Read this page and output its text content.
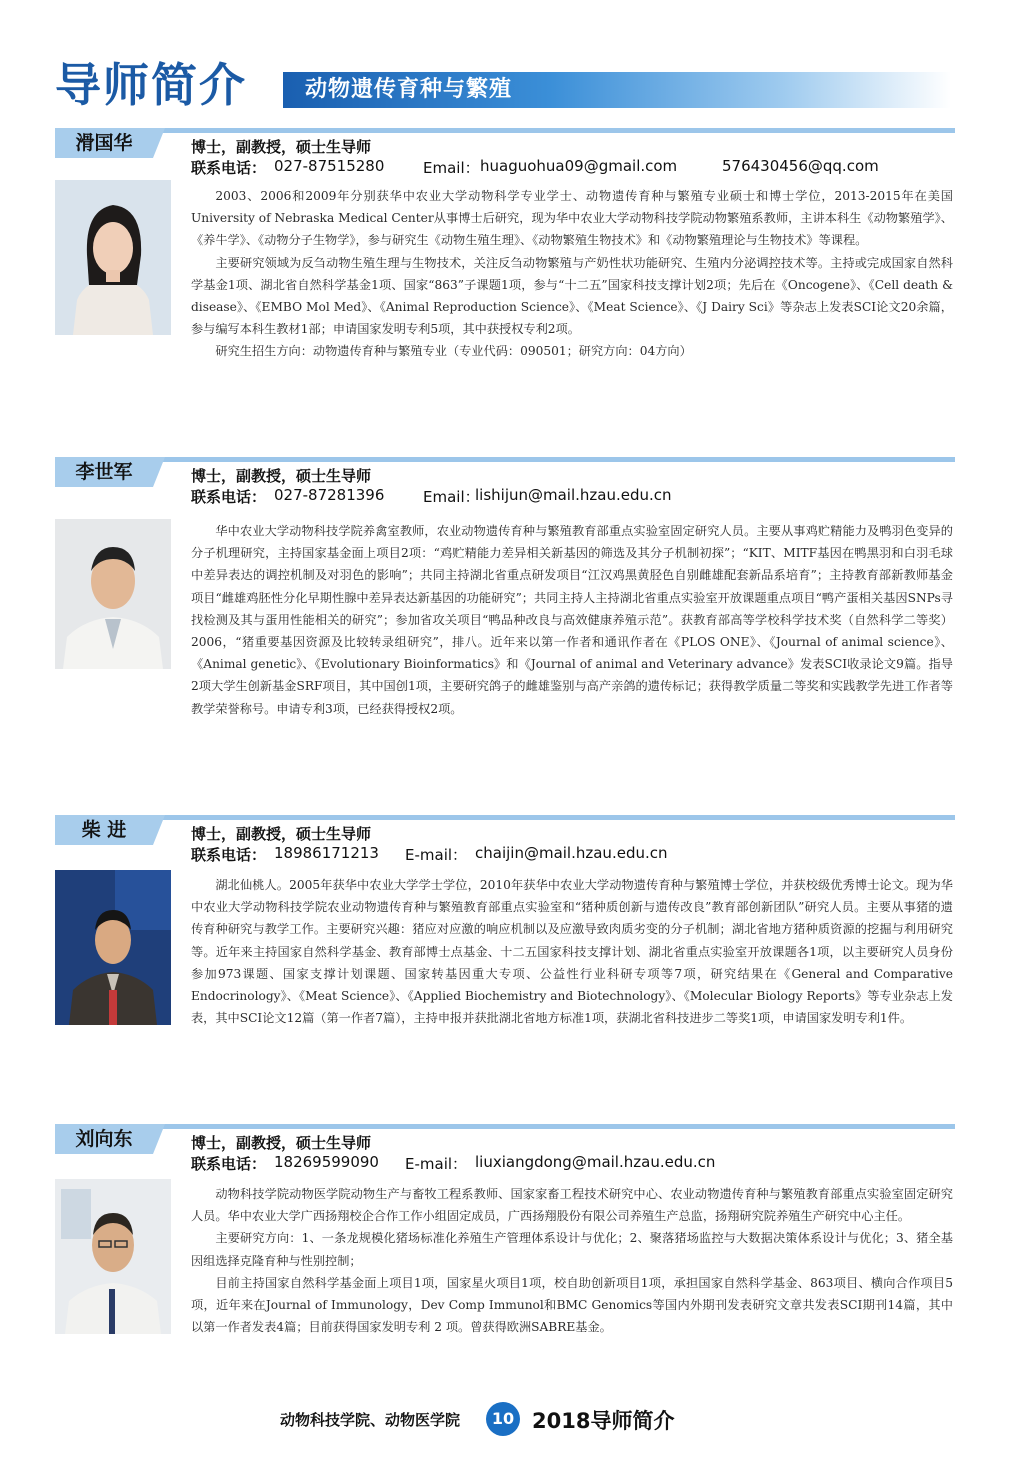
导师简介	动物遗传育种与繁殖
滑国华	博士，副教授，硕士生导师
联系电话： 027-87515280	Email： huaguohua09@gmail.com	576430456@qq.com

2003、2006和2009年分别获华中农业大学动物科学专业学士、动物遗传育种与繁殖专业硕士和博士学位，2013-2015年在美国University of Nebraska Medical Center从事博士后研究，现为华中农业大学动物科技学院动物繁殖系教师，主讲本科生《动物繁殖学》、《养牛学》、《动物分子生物学》，参与研究生《动物生殖生理》、《动物繁殖生物技术》和《动物繁殖理论与生物技术》等课程。

主要研究领域为反刍动物生殖生理与生物技术，关注反刍动物繁殖与产奶性状功能研究、生殖内分泌调控技术等。主持或完成国家自然科学基金1项、湖北省自然科学基金1项、国家“863”子课题1项，参与“十二五”国家科技支撑计划2项；先后在《Oncogene》、《Cell death & disease》、《EMBO Mol Med》、《Animal Reproduction Science》、《Meat Science》、《J Dairy Sci》等杂志上发表SCI论文20余篇，参与编写本科生教材1部；申请国家发明专利5项，其中获授权专利2项。

研究生招生方向：动物遗传育种与繁殖专业（专业代码：090501；研究方向：04方向）

李世军	博士，副教授，硕士生导师
联系电话： 027-87281396	Email：
lishijun@mail.hzau.edu.cn

华中农业大学动物科技学院养禽室教师，农业动物遗传育种与繁殖教育部重点实验室固定研究人员。主要从事鸡贮精能力及鸭羽色变异的分子机理研究，主持国家基金面上项目2项：“鸡贮精能力差异相关新基因的筛选及其分子机制初探”；“KIT、MITF基因在鸭黑羽和白羽毛球中差异表达的调控机制及对羽色的影响”；共同主持湖北省重点研发项目“江汉鸡黑黄胫色自别雌雄配套新品系培育”；主持教育部新教师基金项目“雌雄鸡胚性分化早期性腺中差异表达新基因的功能研究”；共同主持人主持湖北省重点实验室开放课题重点项目“鸭产蛋相关基因SNPs寻找检测及其与蛋用性能相关的研究”；参加省攻关项目“鸭品种改良与高效健康养殖示范”。获教育部高等学校科学技术奖（自然科学二等奖）2006，“猪重要基因资源及比较转录组研究”，排八。近年来以第一作者和通讯作者在《PLOS ONE》、《Journal of animal science》、《Animal genetic》、《Evolutionary Bioinformatics》和《Journal of animal and Veterinary advance》发表SCI收录论文9篇。指导2项大学生创新基金SRF项目，其中国创1项，主要研究鸽子的雌雄鉴别与高产亲鸽的遗传标记；获得教学质量二等奖和实践教学先进工作者等教学荣誉称号。申请专利3项，已经获得授权2项。

柴 进	博士，副教授，硕士生导师
联系电话： 18986171213 E-mail： chaijin@mail.hzau.edu.cn

湖北仙桃人。2005年获华中农业大学学士学位，2010年获华中农业大学动物遗传育种与繁殖博士学位，并获校级优秀博士论文。现为华中农业大学动物科技学院农业动物遗传育种与繁殖教育部重点实验室和“猪种质创新与遗传改良”教育部创新团队”研究人员。主要从事猪的遗传育种研究与教学工作。主要研究兴趣：猪应对应激的响应机制以及应激导致肉质劣变的分子机制；湖北省地方猪种质资源的挖掘与利用研究等。近年来主持国家自然科学基金、教育部博士点基金、十二五国家科技支撑计划、湖北省重点实验室开放课题各1项，以主要研究人员身份参加973课题、国家支撑计划课题、国家转基因重大专项、公益性行业科研专项等7项，研究结果在《General and Comparative Endocrinology》、《Meat Science》、《Applied Biochemistry and Biotechnology》、《Molecular Biology Reports》等专业杂志上发表，其中SCI论文12篇（第一作者7篇），主持申报并获批湖北省地方标准1项，获湖北省科技进步二等奖1项，申请国家发明专利1件。

刘向东	博士，副教授，硕士生导师
联系电话： 18269599090 E-mail： liuxiangdong@mail.hzau.edu.cn

动物科技学院动物医学院动物生产与畜牧工程系教师、国家家畜工程技术研究中心、农业动物遗传育种与繁殖教育部重点实验室固定研究人员。华中农业大学广西扬翔校企合作工作小组固定成员，广西扬翔股份有限公司养殖生产总监，扬翔研究院养殖生产研究中心主任。

主要研究方向：1、一条龙规模化猪场标准化养殖生产管理体系设计与优化；2、聚落猪场监控与大数据决策体系设计与优化；3、猪全基因组选择克隆育种与性别控制；

目前主持国家自然科学基金面上项目1项，国家星火项目1项，校自助创新项目1项，承担国家自然科学基金、863项目、横向合作项目5项，近年来在Journal of Immunology，Dev Comp Immunol和BMC Genomics等国内外期刊发表研究文章共发表SCI期刊14篇，其中以第一作者发表4篇；目前获得国家发明专利 2 项。曾获得欧洲SABRE基金。

动物科技学院、动物医学院	10 2018导师简介
